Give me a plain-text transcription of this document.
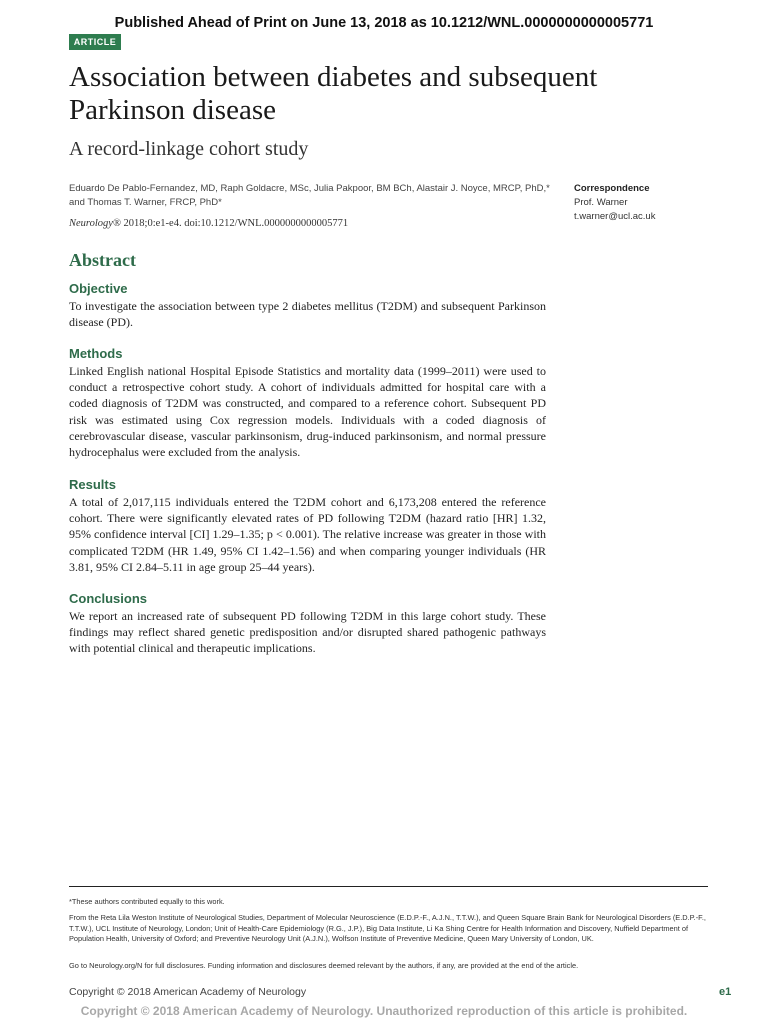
Published Ahead of Print on June 13, 2018 as 10.1212/WNL.0000000000005771
ARTICLE
Association between diabetes and subsequent Parkinson disease
A record-linkage cohort study
Eduardo De Pablo-Fernandez, MD, Raph Goldacre, MSc, Julia Pakpoor, BM BCh, Alastair J. Noyce, MRCP, PhD,* and Thomas T. Warner, FRCP, PhD*
Neurology® 2018;0:e1-e4. doi:10.1212/WNL.0000000000005771
Correspondence
Prof. Warner
t.warner@ucl.ac.uk
Abstract
Objective
To investigate the association between type 2 diabetes mellitus (T2DM) and subsequent Parkinson disease (PD).
Methods
Linked English national Hospital Episode Statistics and mortality data (1999–2011) were used to conduct a retrospective cohort study. A cohort of individuals admitted for hospital care with a coded diagnosis of T2DM was constructed, and compared to a reference cohort. Subsequent PD risk was estimated using Cox regression models. Individuals with a coded diagnosis of cerebrovascular disease, vascular parkinsonism, drug-induced parkinsonism, and normal pressure hydrocephalus were excluded from the analysis.
Results
A total of 2,017,115 individuals entered the T2DM cohort and 6,173,208 entered the reference cohort. There were significantly elevated rates of PD following T2DM (hazard ratio [HR] 1.32, 95% confidence interval [CI] 1.29–1.35; p < 0.001). The relative increase was greater in those with complicated T2DM (HR 1.49, 95% CI 1.42–1.56) and when comparing younger individuals (HR 3.81, 95% CI 2.84–5.11 in age group 25–44 years).
Conclusions
We report an increased rate of subsequent PD following T2DM in this large cohort study. These findings may reflect shared genetic predisposition and/or disrupted shared pathogenic pathways with potential clinical and therapeutic implications.
*These authors contributed equally to this work.
From the Reta Lila Weston Institute of Neurological Studies, Department of Molecular Neuroscience (E.D.P.-F., A.J.N., T.T.W.), and Queen Square Brain Bank for Neurological Disorders (E.D.P.-F., T.T.W.), UCL Institute of Neurology, London; Unit of Health-Care Epidemiology (R.G., J.P.), Big Data Institute, Li Ka Shing Centre for Health Information and Discovery, Nuffield Department of Population Health, University of Oxford; and Preventive Neurology Unit (A.J.N.), Wolfson Institute of Preventive Medicine, Queen Mary University of London, UK.
Go to Neurology.org/N for full disclosures. Funding information and disclosures deemed relevant by the authors, if any, are provided at the end of the article.
Copyright © 2018 American Academy of Neurology	e1
Copyright © 2018 American Academy of Neurology. Unauthorized reproduction of this article is prohibited.
